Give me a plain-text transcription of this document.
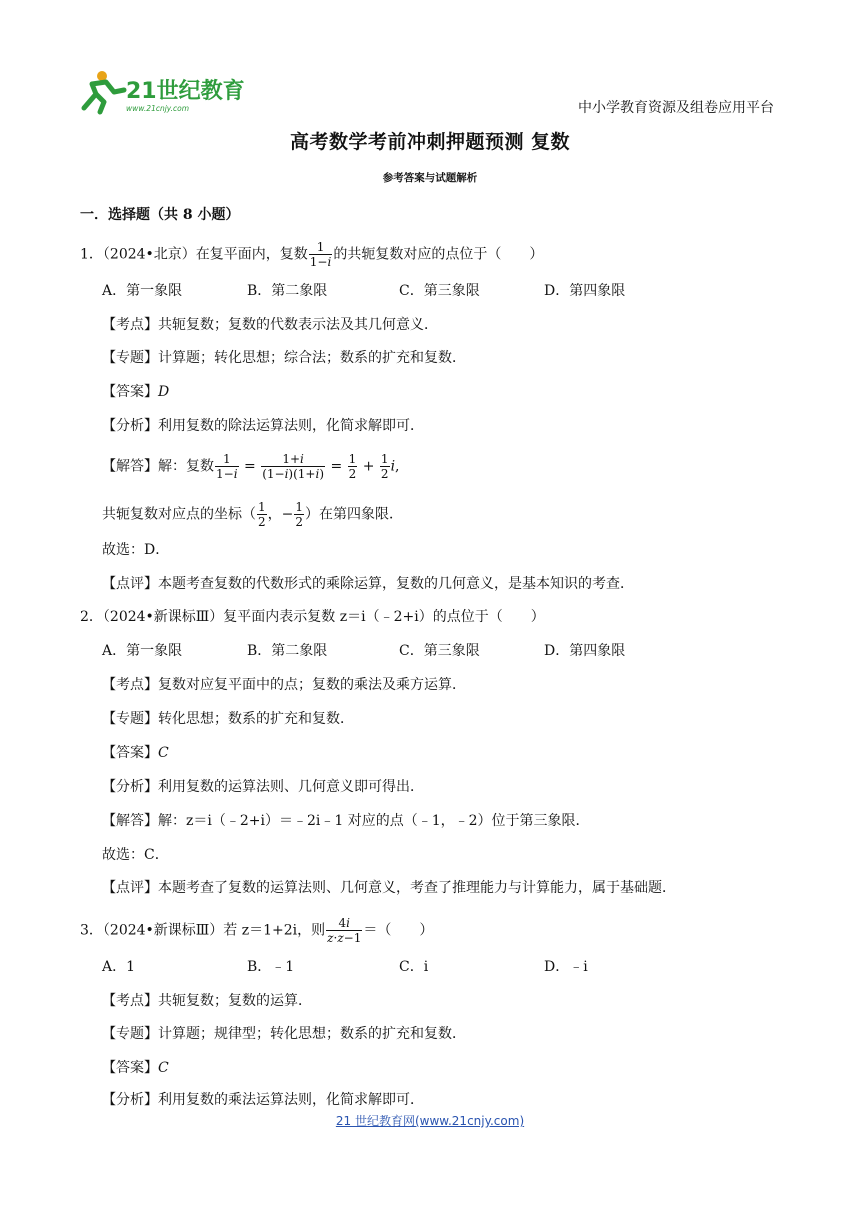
21世纪教育
www.21cnjy.com	中小学教育资源及组卷应用平台
高考数学考前冲刺押题预测 复数
参考答案与试题解析
一．选择题（共 8 小题）
1．（2024•北京）在复平面内，复数 $\frac{1}{1-i}$ 的共轭复数对应的点位于（　　）
A．第一象限	B．第二象限	C．第三象限	D．第四象限
【考点】共轭复数；复数的代数表示法及其几何意义．
【专题】计算题；转化思想；综合法；数系的扩充和复数．
【答案】D
【分析】利用复数的除法运算法则，化简求解即可．
【解答】解：复数 $\frac{1}{1-i} = \frac{1+i}{(1-i)(1+i)} = \frac{1}{2} + \frac{1}{2} i$,
共轭复数对应点的坐标（ $\frac{1}{2}$ ，− $\frac{1}{2}$ ）在第四象限．
故选：D．
【点评】本题考查复数的代数形式的乘除运算，复数的几何意义，是基本知识的考查．
2．（2024•新课标Ⅲ）复平面内表示复数 z＝i（﹣2+i）的点位于（　　）
A．第一象限	B．第二象限	C．第三象限	D．第四象限
【考点】复数对应复平面中的点；复数的乘法及乘方运算．
【专题】转化思想；数系的扩充和复数．
【答案】C
【分析】利用复数的运算法则、几何意义即可得出．
【解答】解：z＝i（﹣2+i）＝﹣2i﹣1 对应的点（﹣1，﹣2）位于第三象限．
故选：C．
【点评】本题考查了复数的运算法则、几何意义，考查了推理能力与计算能力，属于基础题．
3．（2024•新课标Ⅲ）若 z＝1+2i，则 $\frac{4i}{z\cdot\overline{z}-1}$ ＝（　　）
A．1	B．﹣1	C．i	D．﹣i
【考点】共轭复数；复数的运算．
【专题】计算题；规律型；转化思想；数系的扩充和复数．
【答案】C
【分析】利用复数的乘法运算法则，化简求解即可．
21 世纪教育网(www.21cnjy.com)
